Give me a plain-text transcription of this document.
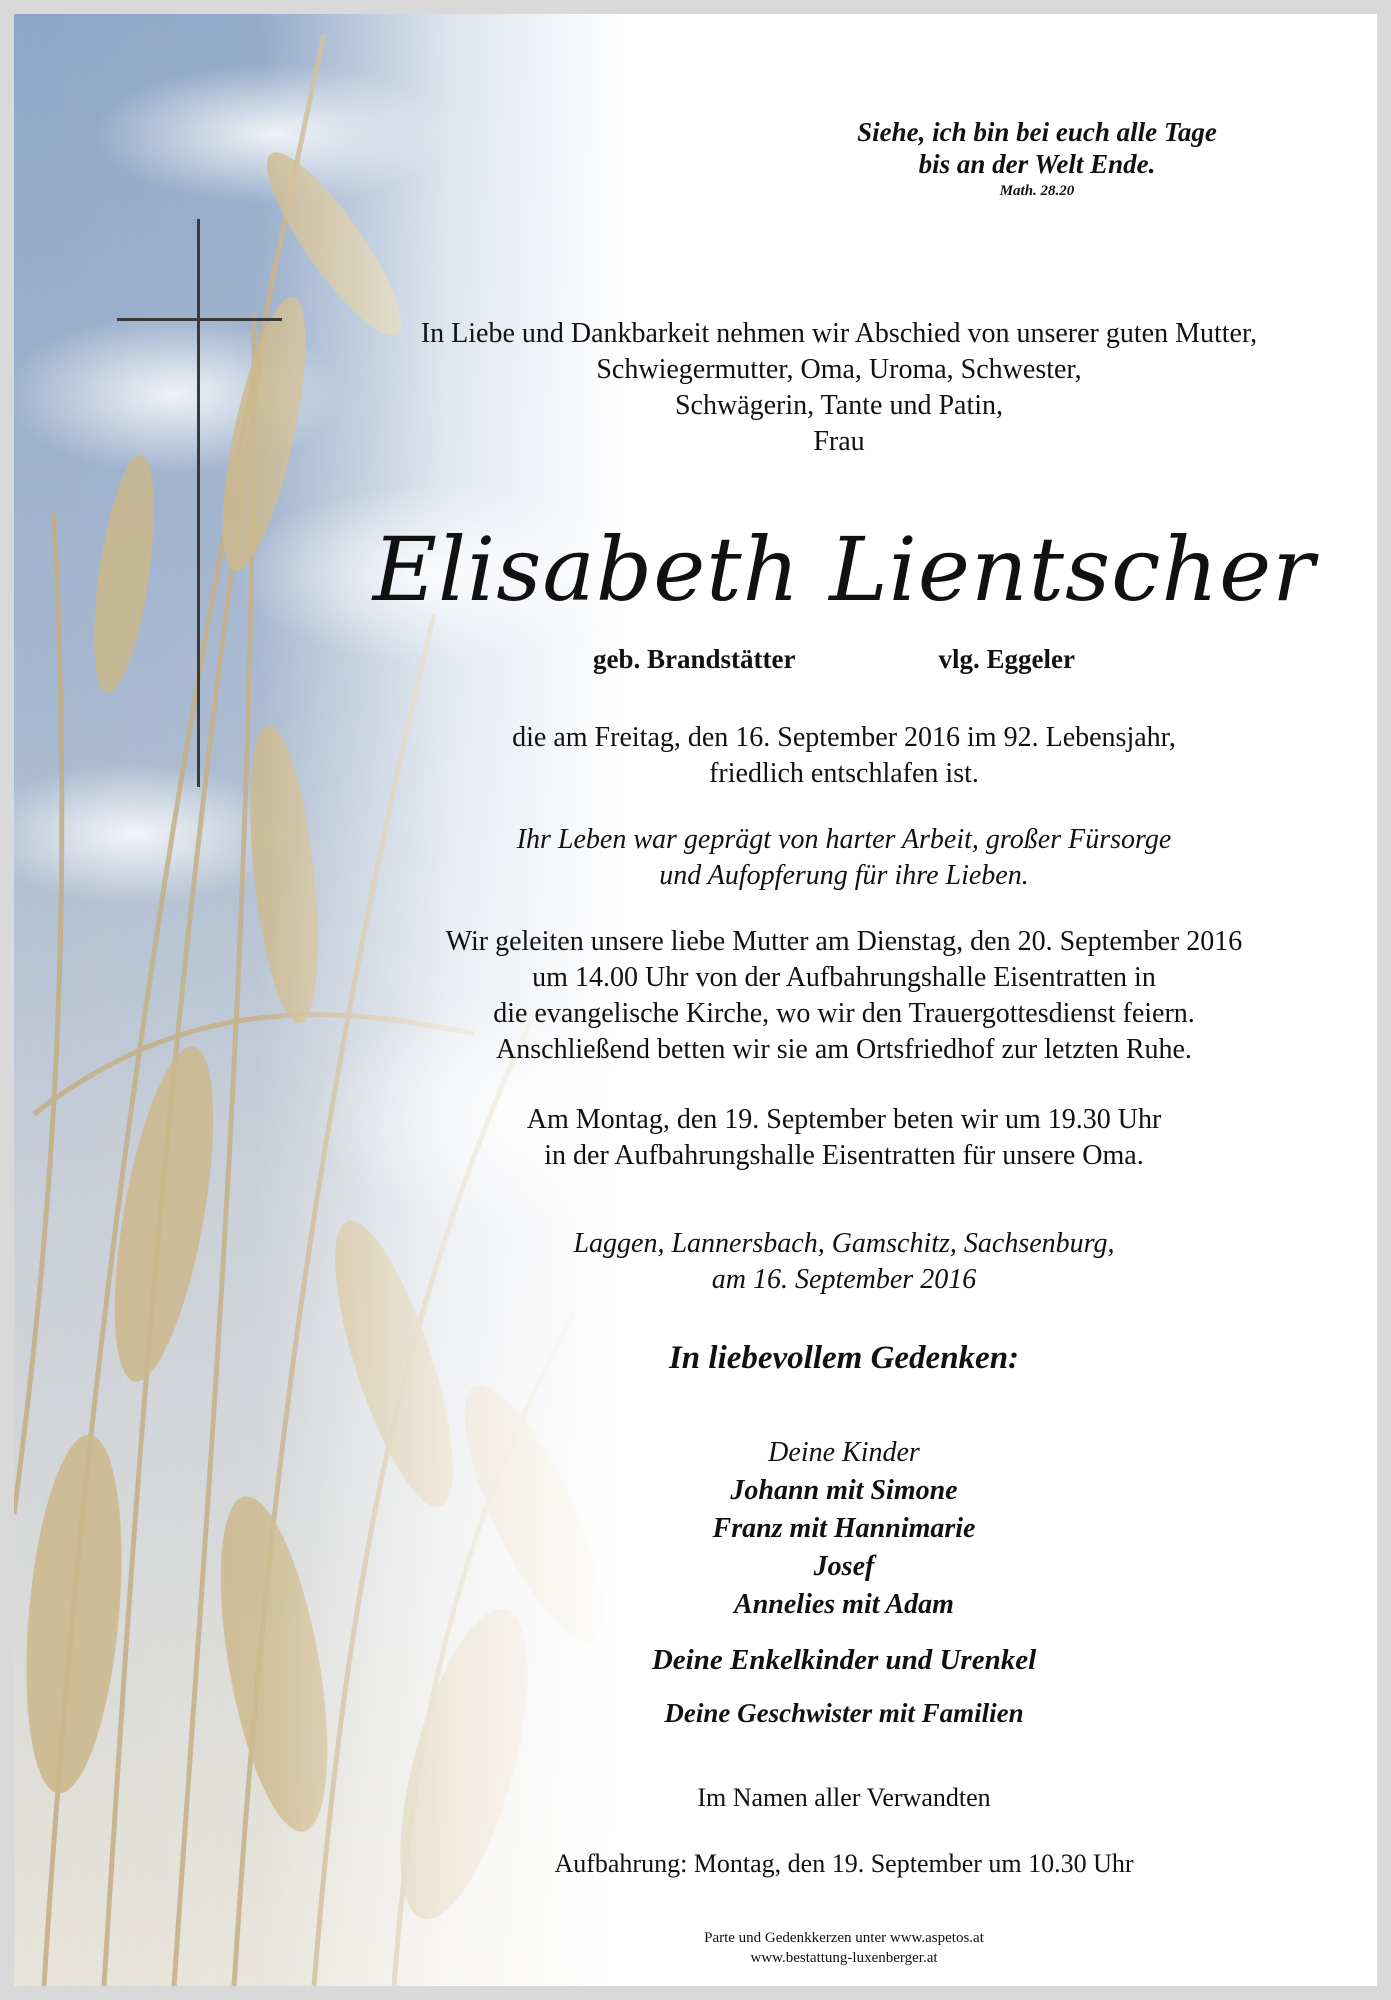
Siehe, ich bin bei euch alle Tage
bis an der Welt Ende.
Math. 28.20
In Liebe und Dankbarkeit nehmen wir Abschied von unserer guten Mutter,
Schwiegermutter, Oma, Uroma, Schwester,
Schwägerin, Tante und Patin,
Frau
Elisabeth Lientscher
geb. Brandstätter	vlg. Eggeler
die am Freitag, den 16. September 2016 im 92. Lebensjahr,
friedlich entschlafen ist.
Ihr Leben war geprägt von harter Arbeit, großer Fürsorge
und Aufopferung für ihre Lieben.
Wir geleiten unsere liebe Mutter am Dienstag, den 20. September 2016
um 14.00 Uhr von der Aufbahrungshalle Eisentratten in
die evangelische Kirche, wo wir den Trauergottesdienst feiern.
Anschließend betten wir sie am Ortsfriedhof zur letzten Ruhe.
Am Montag, den 19. September beten wir um 19.30 Uhr
in der Aufbahrungshalle Eisentratten für unsere Oma.
Laggen, Lannersbach, Gamschitz, Sachsenburg,
am 16. September 2016
In liebevollem Gedenken:
Deine Kinder
Johann mit Simone
Franz mit Hannimarie
Josef
Annelies mit Adam
Deine Enkelkinder und Urenkel
Deine Geschwister mit Familien
Im Namen aller Verwandten
Aufbahrung: Montag, den 19. September um 10.30 Uhr
Parte und Gedenkkerzen unter www.aspetos.at
www.bestattung-luxenberger.at
